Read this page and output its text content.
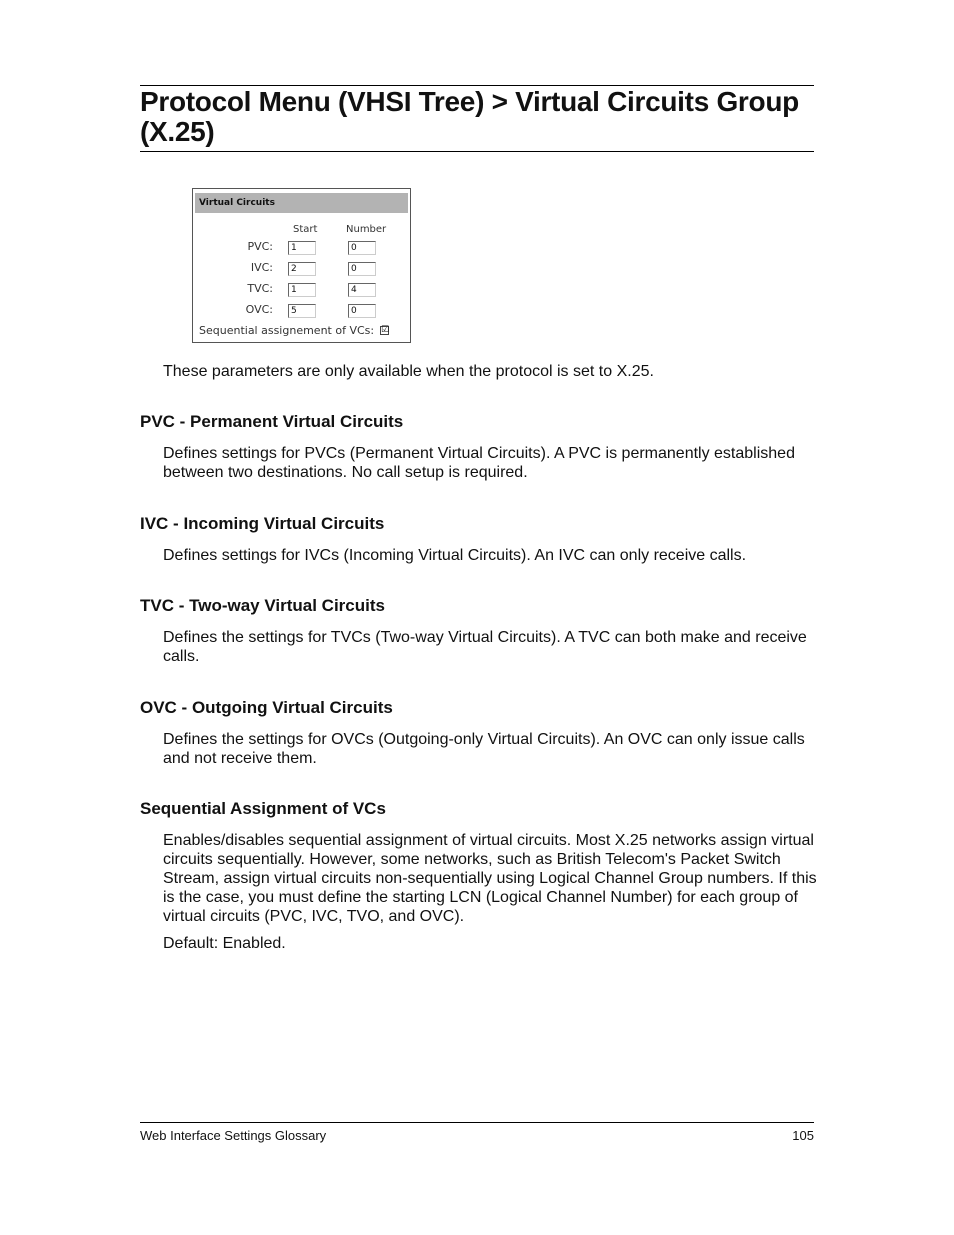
Protocol Menu (VHSI Tree) > Virtual Circuits Group (X.25)
Virtual Circuits
Start	Number
PVC:	1	0
IVC:	2	0
TVC:	1	4
OVC:	5	0
Sequential assignement of VCs: ☑

These parameters are only available when the protocol is set to X.25.

PVC - Permanent Virtual Circuits

Defines settings for PVCs (Permanent Virtual Circuits). A PVC is permanently established between two destinations. No call setup is required.

IVC - Incoming Virtual Circuits

Defines settings for IVCs (Incoming Virtual Circuits). An IVC can only receive calls.

TVC - Two-way Virtual Circuits

Defines the settings for TVCs (Two-way Virtual Circuits). A TVC can both make and receive calls.

OVC - Outgoing Virtual Circuits

Defines the settings for OVCs (Outgoing-only Virtual Circuits). An OVC can only issue calls and not receive them.

Sequential Assignment of VCs

Enables/disables sequential assignment of virtual circuits. Most X.25 networks assign virtual circuits sequentially. However, some networks, such as British Telecom's Packet Switch Stream, assign virtual circuits non-sequentially using Logical Channel Group numbers. If this is the case, you must define the starting LCN (Logical Channel Number) for each group of virtual circuits (PVC, IVC, TVO, and OVC).

Default: Enabled.

Web Interface Settings Glossary	105
